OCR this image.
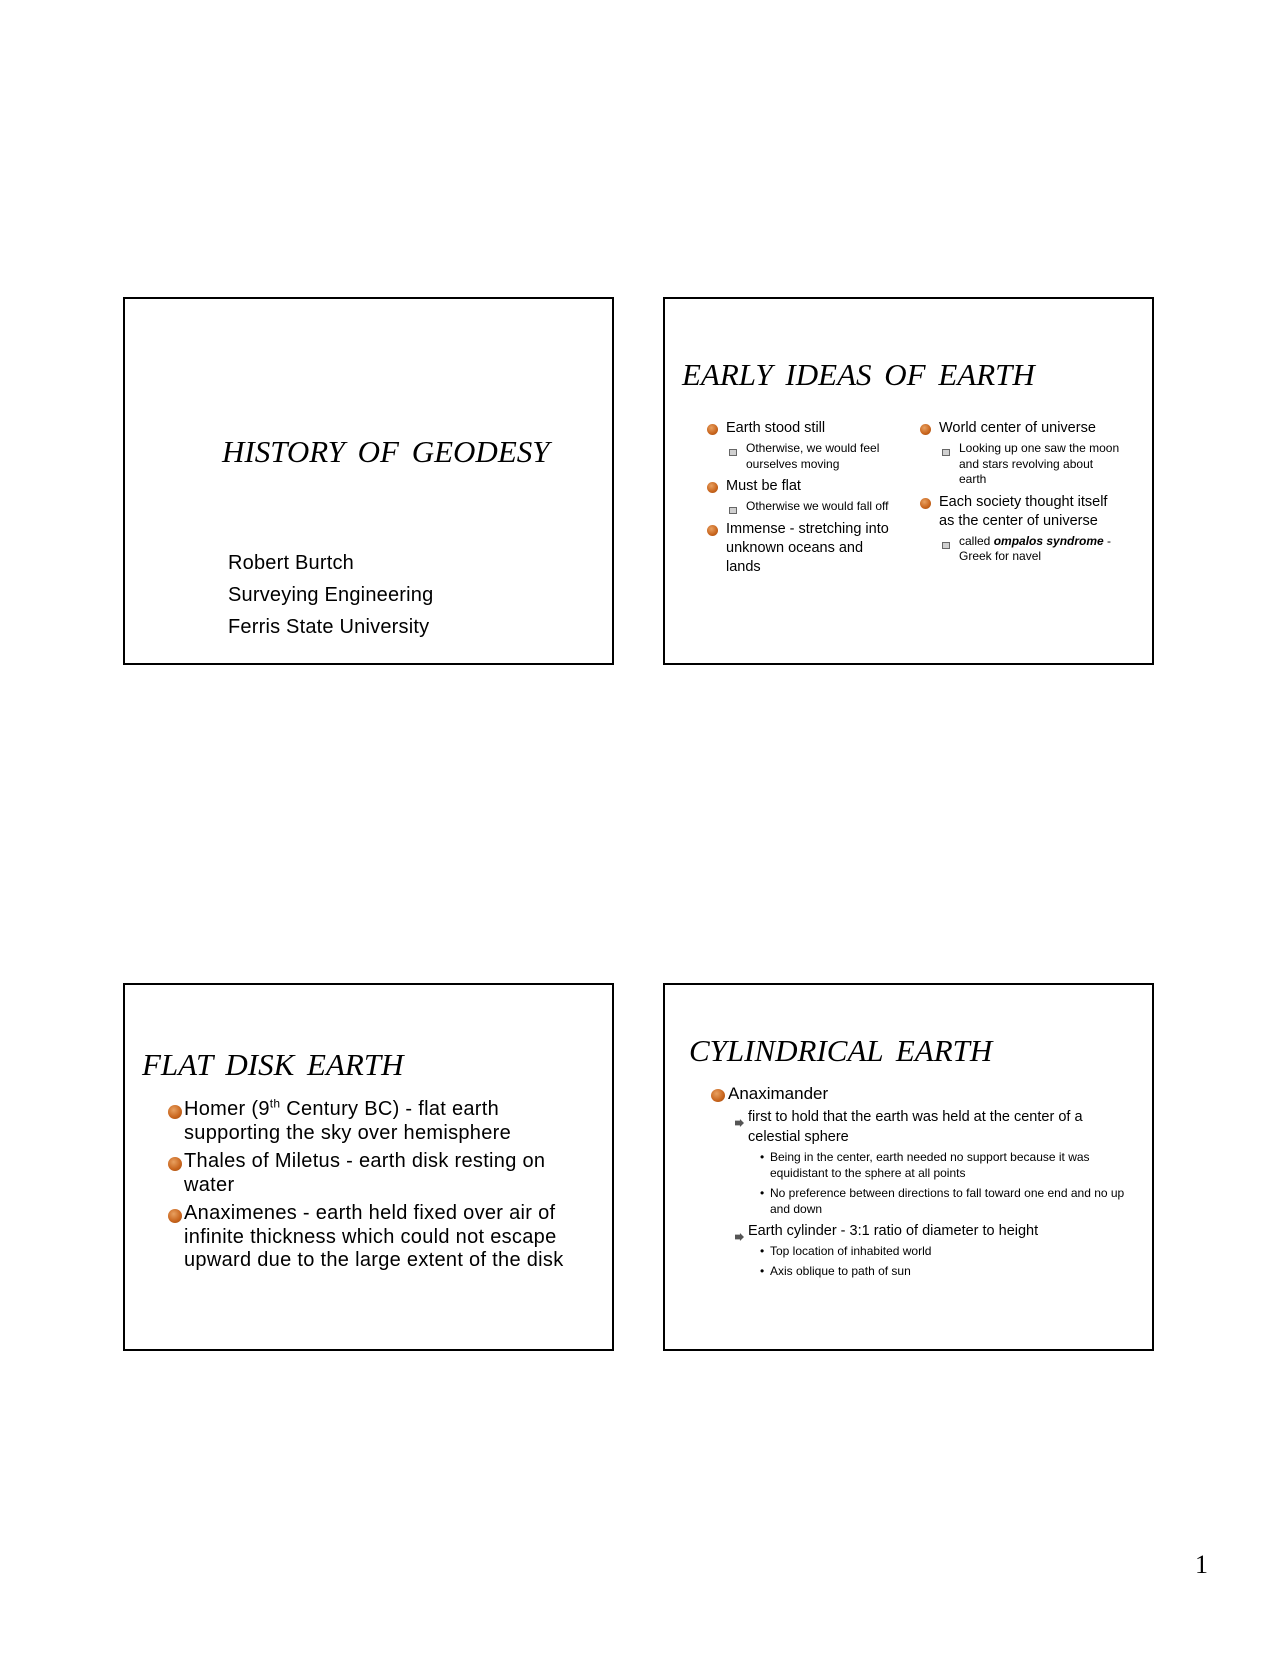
HISTORY OF GEODESY
Robert Burtch
Surveying Engineering
Ferris State University
EARLY IDEAS OF EARTH
Earth stood still
Otherwise, we would feel ourselves moving
Must be flat
Otherwise we would fall off
Immense - stretching into unknown oceans and lands
World center of universe
Looking up one saw the moon and stars revolving about earth
Each society thought itself as the center of universe
called ompalos syndrome - Greek for navel
FLAT DISK EARTH
Homer (9th Century BC) - flat earth supporting the sky over hemisphere
Thales of Miletus - earth disk resting on water
Anaximenes - earth held fixed over air of infinite thickness which could not escape upward due to the large extent of the disk
CYLINDRICAL EARTH
Anaximander
first to hold that the earth was held at the center of a celestial sphere
• Being in the center, earth needed no support because it was equidistant to the sphere at all points
• No preference between directions to fall toward one end and no up and down
Earth cylinder - 3:1 ratio of diameter to height
• Top location of inhabited world
• Axis oblique to path of sun
1
